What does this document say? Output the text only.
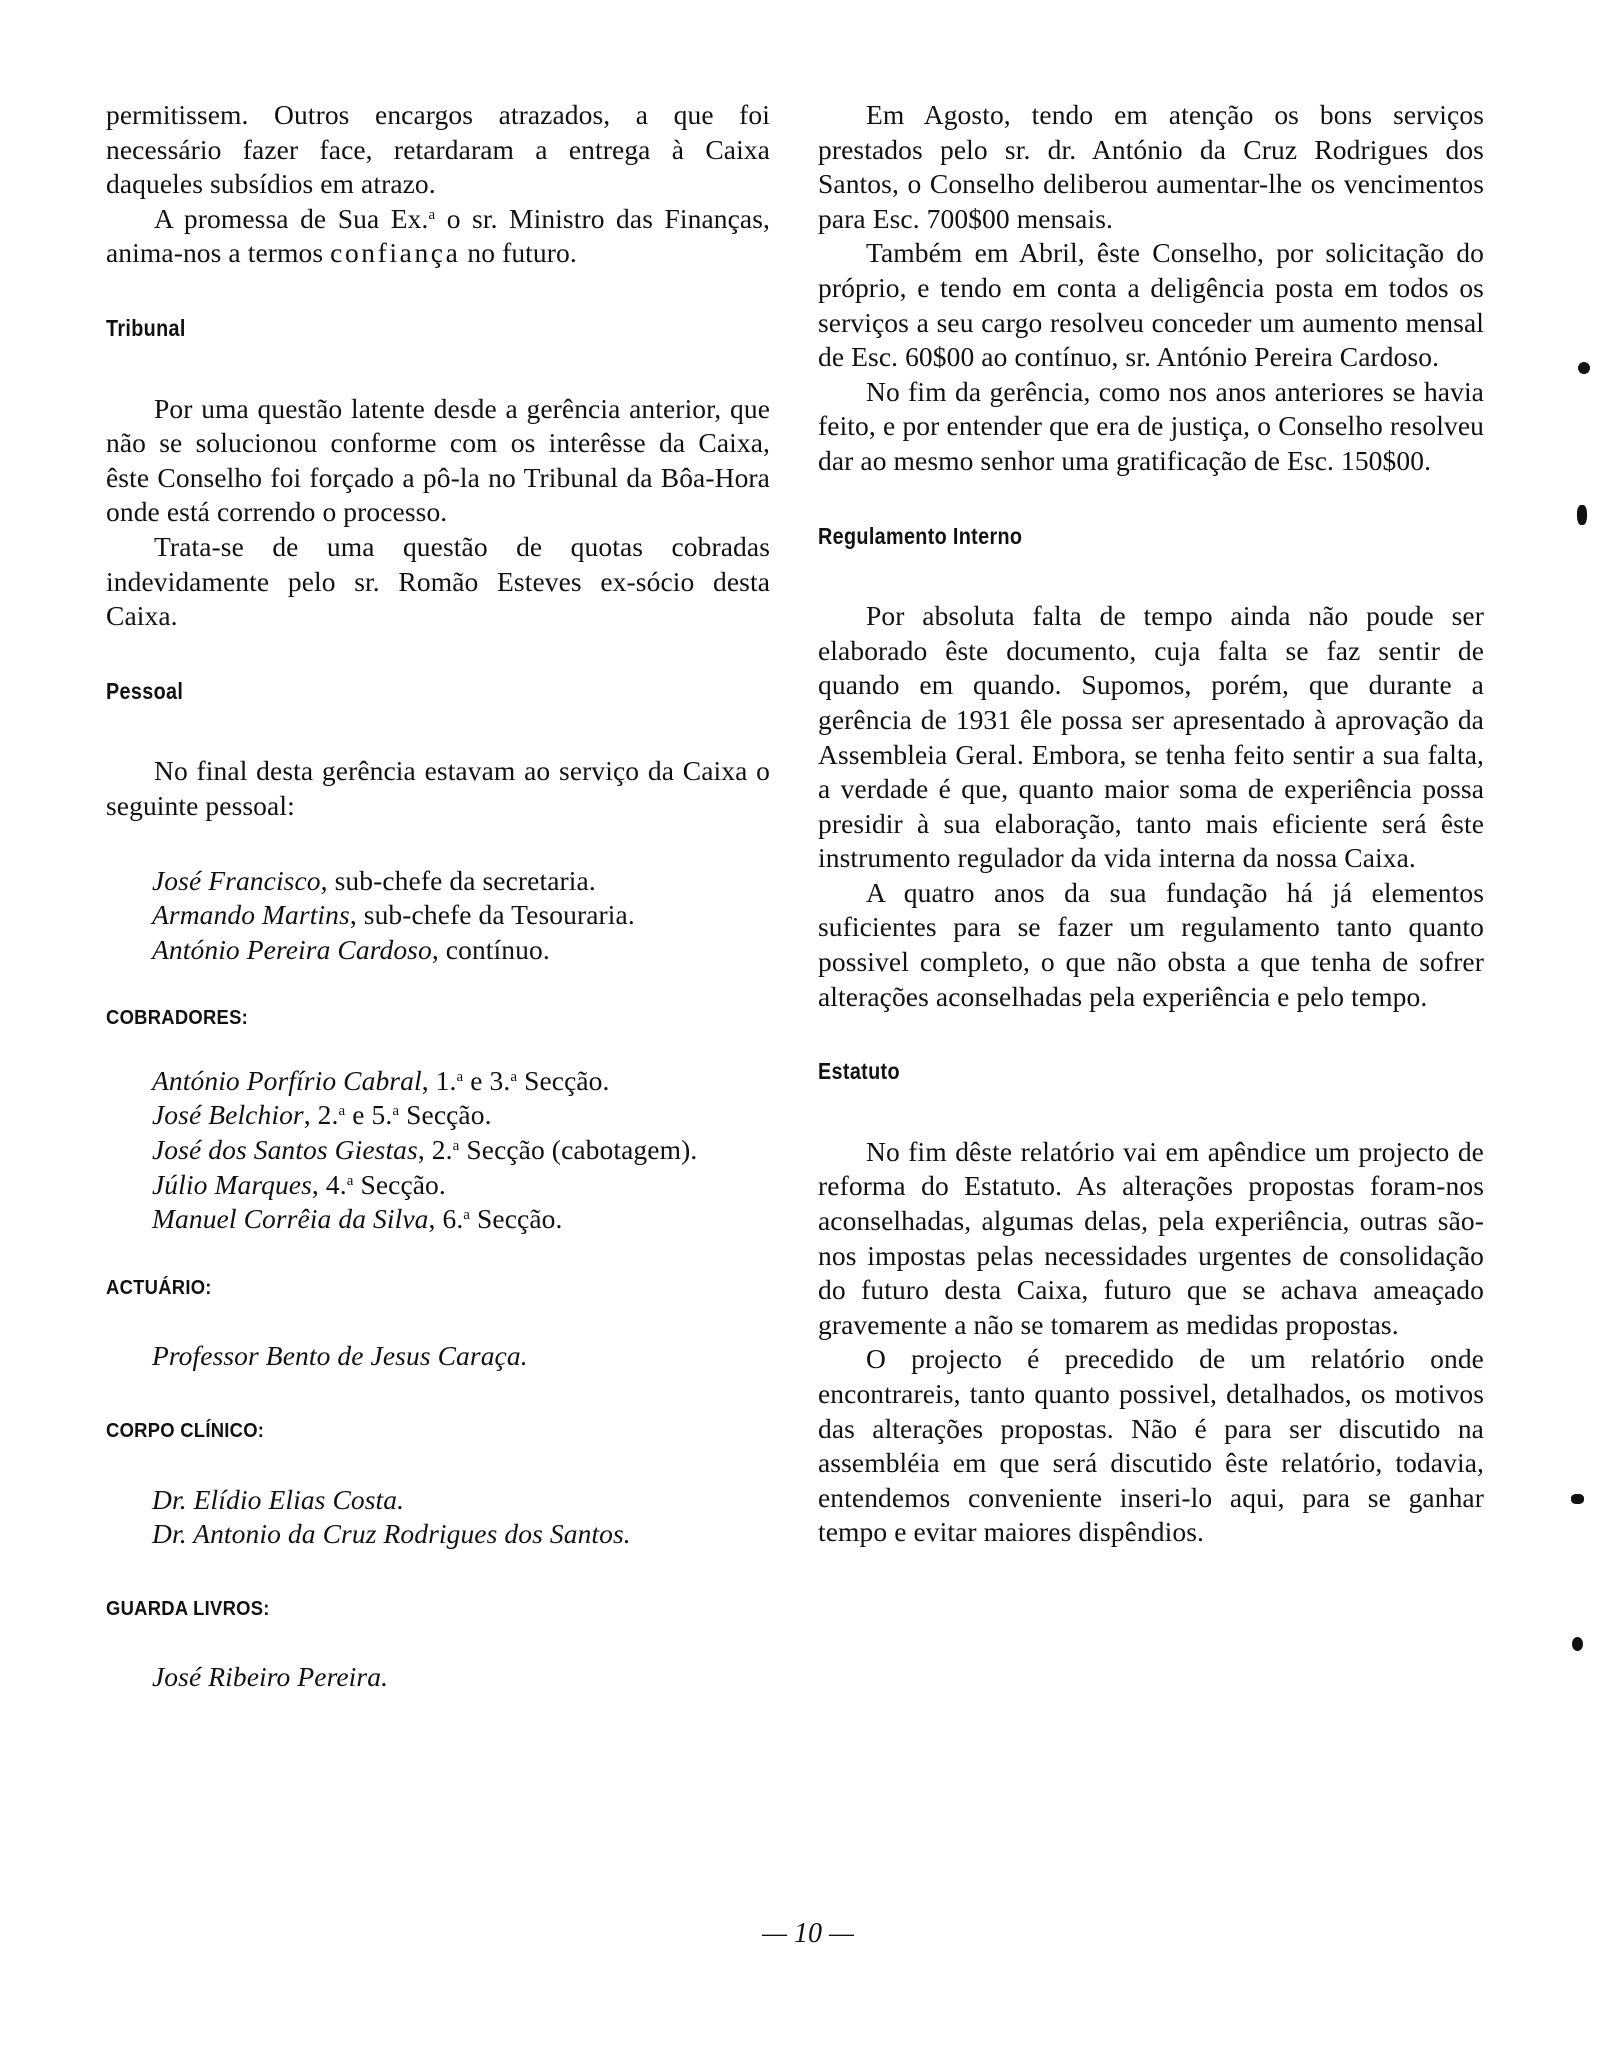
permitissem. Outros encargos atrazados, a que foi necessário fazer face, retardaram a entrega à Caixa daqueles subsídios em atrazo.

A promessa de Sua Ex.$^a$ o sr. Ministro das Finanças, anima-nos a termos confiança no futuro.

Tribunal

Por uma questão latente desde a gerência anterior, que não se solucionou conforme com os interêsse da Caixa, êste Conselho foi forçado a pô-la no Tribunal da Bôa-Hora onde está correndo o processo.

Trata-se de uma questão de quotas cobradas indevidamente pelo sr. Romão Esteves ex-sócio desta Caixa.

Pessoal

No final desta gerência estavam ao serviço da Caixa o seguinte pessoal:

José Francisco, sub-chefe da secretaria.

Armando Martins, sub-chefe da Tesouraria.

António Pereira Cardoso, contínuo.

COBRADORES:

António Porfírio Cabral, 1.$^a$ e 3.$^a$ Secção.

José Belchior, 2.$^a$ e 5.$^a$ Secção.

José dos Santos Giestas, 2.$^a$ Secção (cabotagem).

Júlio Marques, 4.$^a$ Secção.

Manuel Corrêia da Silva, 6.$^a$ Secção.

ACTUÁRIO:

Professor Bento de Jesus Caraça.

CORPO CLÍNICO:

Dr. Elídio Elias Costa.

Dr. Antonio da Cruz Rodrigues dos Santos.

GUARDA LIVROS:

José Ribeiro Pereira.

Em Agosto, tendo em atenção os bons serviços prestados pelo sr. dr. António da Cruz Rodrigues dos Santos, o Conselho deliberou aumentar-lhe os vencimentos para Esc. 700$00 mensais.

Também em Abril, êste Conselho, por solicitação do próprio, e tendo em conta a deligência posta em todos os serviços a seu cargo resolveu conceder um aumento mensal de Esc. 60$00 ao contínuo, sr. António Pereira Cardoso.

No fim da gerência, como nos anos anteriores se havia feito, e por entender que era de justiça, o Conselho resolveu dar ao mesmo senhor uma gratificação de Esc. 150$00.

Regulamento Interno

Por absoluta falta de tempo ainda não poude ser elaborado êste documento, cuja falta se faz sentir de quando em quando. Supomos, porém, que durante a gerência de 1931 êle possa ser apresentado à aprovação da Assembleia Geral. Embora, se tenha feito sentir a sua falta, a verdade é que, quanto maior soma de experiência possa presidir à sua elaboração, tanto mais eficiente será êste instrumento regulador da vida interna da nossa Caixa.

A quatro anos da sua fundação há já elementos suficientes para se fazer um regulamento tanto quanto possivel completo, o que não obsta a que tenha de sofrer alterações aconselhadas pela experiência e pelo tempo.

Estatuto

No fim dêste relatório vai em apêndice um projecto de reforma do Estatuto. As alterações propostas foram-nos aconselhadas, algumas delas, pela experiência, outras são-nos impostas pelas necessidades urgentes de consolidação do futuro desta Caixa, futuro que se achava ameaçado gravemente a não se tomarem as medidas propostas.

O projecto é precedido de um relatório onde encontrareis, tanto quanto possivel, detalhados, os motivos das alterações propostas. Não é para ser discutido na assembléia em que será discutido êste relatório, todavia, entendemos conveniente inseri-lo aqui, para se ganhar tempo e evitar maiores dispêndios.

— 10 —
